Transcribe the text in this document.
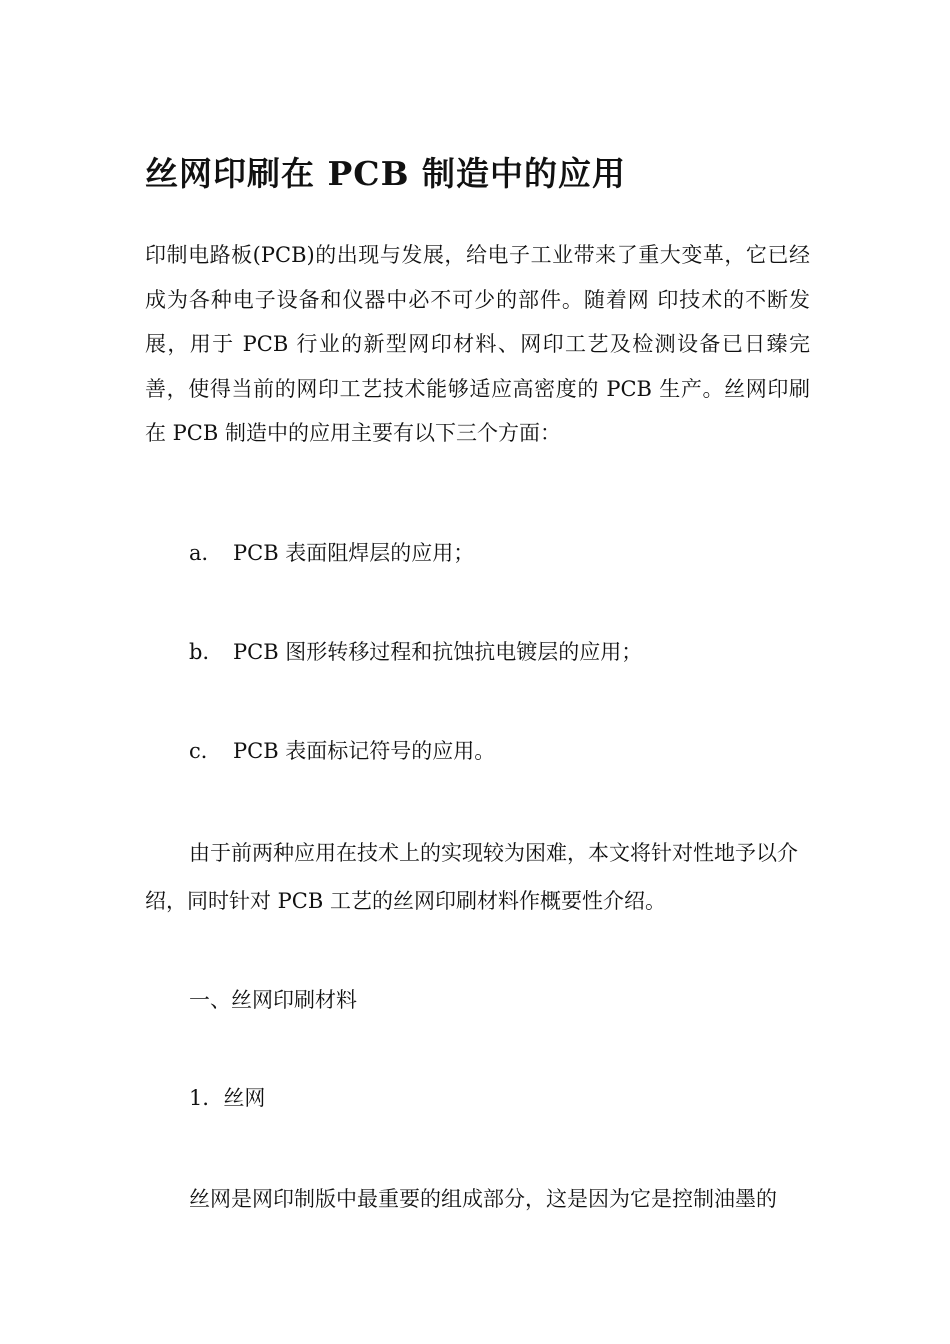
丝网印刷在 PCB 制造中的应用

印制电路板(PCB)的出现与发展，给电子工业带来了重大变革，它已经成为各种电子设备和仪器中必不可少的部件。随着网 印技术的不断发展，用于 PCB 行业的新型网印材料、网印工艺及检测设备已日臻完善，使得当前的网印工艺技术能够适应高密度的 PCB 生产。丝网印刷在 PCB 制造中的应用主要有以下三个方面：

a． PCB 表面阻焊层的应用；

b． PCB 图形转移过程和抗蚀抗电镀层的应用；

c． PCB 表面标记符号的应用。

由于前两种应用在技术上的实现较为困难，本文将针对性地予以介绍，同时针对 PCB 工艺的丝网印刷材料作概要性介绍。

一、丝网印刷材料

1．丝网

丝网是网印制版中最重要的组成部分，这是因为它是控制油墨的
